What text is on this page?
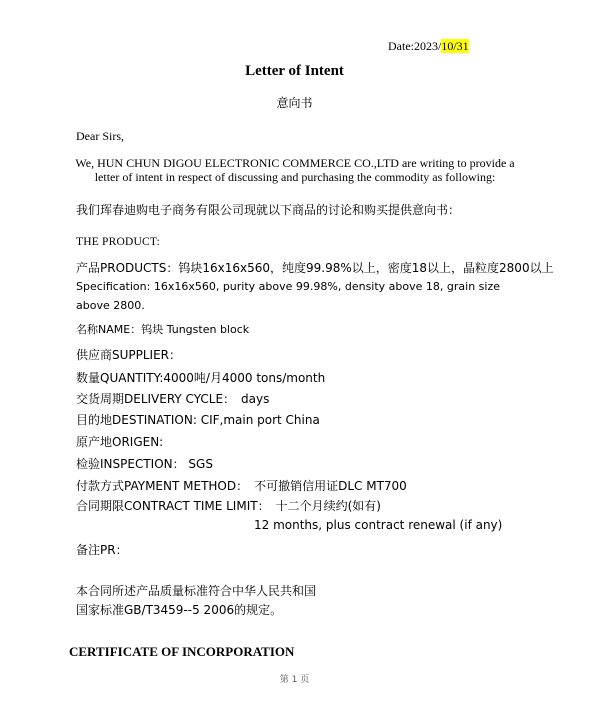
Date:2023/10/31
Letter of Intent
意向书
Dear Sirs,
We, HUN CHUN DIGOU ELECTRONIC COMMERCE CO.,LTD are writing to provide a letter of intent in respect of discussing and purchasing the commodity as following:
我们珲春迪购电子商务有限公司现就以下商品的讨论和购买提供意向书：
THE PRODUCT:
产品PRODUCTS：钨块16x16x560，纯度99.98%以上，密度18以上，晶粒度2800以上
Specification: 16x16x560, purity above 99.98%, density above 18, grain size above 2800.
名称NAME：钨块 Tungsten block
供应商SUPPLIER：
数量QUANTITY:4000吨/月4000 tons/month
交货周期DELIVERY CYCLE：　days
目的地DESTINATION: CIF,main port China
原产地ORIGEN:
检验INSPECTION： SGS
付款方式PAYMENT METHOD：　不可撤销信用证DLC MT700
合同期限CONTRACT TIME LIMIT：　十二个月续约(如有)
12 months, plus contract renewal (if any)
备注PR：
本合同所述产品质量标准符合中华人民共和国国家标准GB/T3459--5 2006的规定。
CERTIFICATE OF INCORPORATION
第 1 页
